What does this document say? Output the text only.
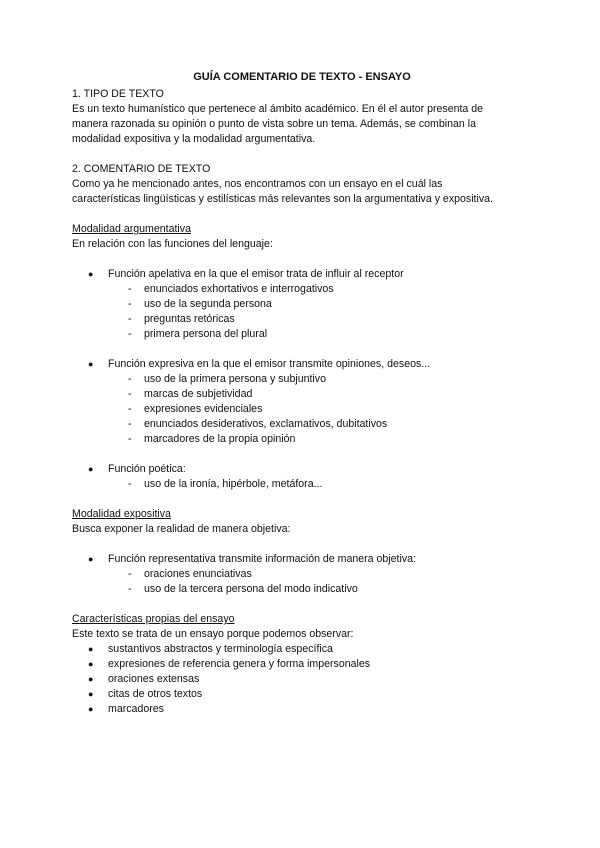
GUÍA COMENTARIO DE TEXTO - ENSAYO

1. TIPO DE TEXTO

Es un texto humanístico que pertenece al ámbito académico. En él el autor presenta de

manera razonada su opinión o punto de vista sobre un tema. Además, se combinan la

modalidad expositiva y la modalidad argumentativa.

2. COMENTARIO DE TEXTO

Como ya he mencionado antes, nos encontramos con un ensayo en el cuál las

características lingüísticas y estilísticas más relevantes son la argumentativa y expositiva.

Modalidad argumentativa

En relación con las funciones del lenguaje:

● Función apelativa en la que el emisor trata de influir al receptor
- enunciados exhortativos e interrogativos
- uso de la segunda persona
- preguntas retóricas
- primera persona del plural
● Función expresiva en la que el emisor transmite opiniones, deseos...
- uso de la primera persona y subjuntivo
- marcas de subjetividad
- expresiones evidenciales
- enunciados desiderativos, exclamativos, dubitativos
- marcadores de la propia opinión
● Función poética:
- uso de la ironía, hipérbole, metáfora...

Modalidad expositiva

Busca exponer la realidad de manera objetiva:

● Función representativa transmite información de manera objetiva:
- oraciones enunciativas
- uso de la tercera persona del modo indicativo

Características propias del ensayo

Este texto se trata de un ensayo porque podemos observar:

● sustantivos abstractos y terminología específica
● expresiones de referencia genera y forma impersonales
● oraciones extensas
● citas de otros textos
● marcadores
